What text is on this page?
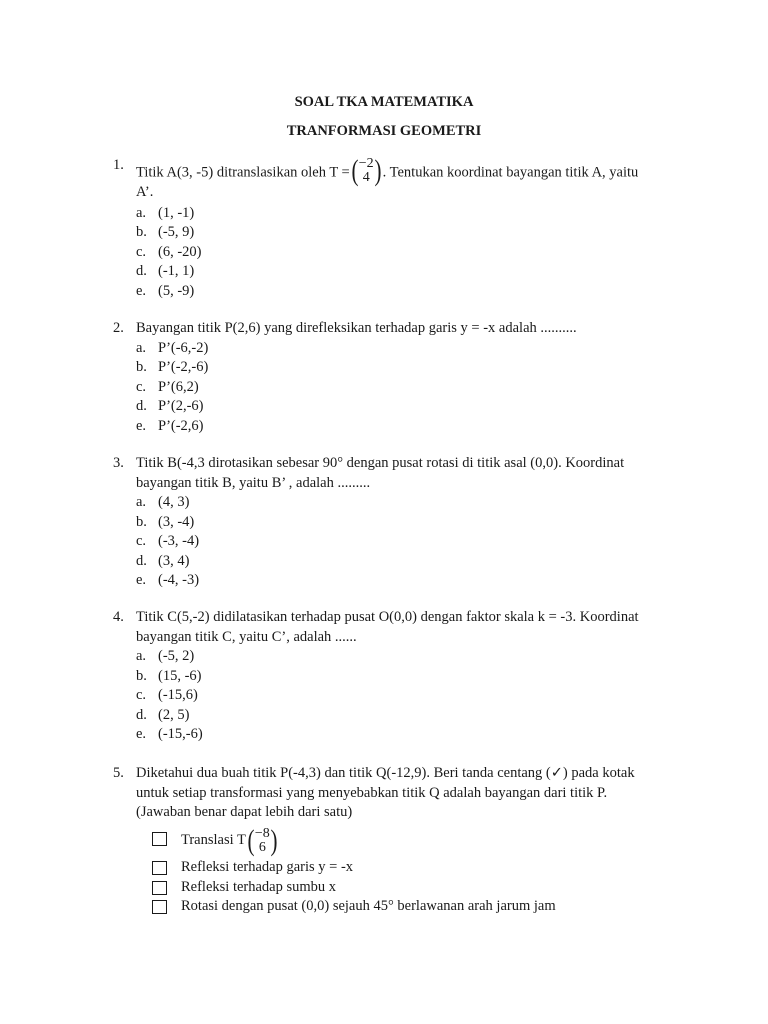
SOAL TKA MATEMATIKA
TRANFORMASI GEOMETRI
1. Titik A(3, -5) ditranslasikan oleh T = ( −2
4 ) . Tentukan koordinat bayangan titik A, yaitu
A’.
a. (1, -1)
b. (-5, 9)
c. (6, -20)
d. (-1, 1)
e. (5, -9)
2. Bayangan titik P(2,6) yang direfleksikan terhadap garis y = -x adalah ..........
a. P’(-6,-2)
b. P’(-2,-6)
c. P’(6,2)
d. P’(2,-6)
e. P’(-2,6)
3. Titik B(-4,3 dirotasikan sebesar 90° dengan pusat rotasi di titik asal (0,0). Koordinat
bayangan titik B, yaitu B’ , adalah .........
a. (4, 3)
b. (3, -4)
c. (-3, -4)
d. (3, 4)
e. (-4, -3)
4. Titik C(5,-2) didilatasikan terhadap pusat O(0,0) dengan faktor skala k = -3. Koordinat
bayangan titik C, yaitu C’, adalah ......
a. (-5, 2)
b. (15, -6)
c. (-15,6)
d. (2, 5)
e. (-15,-6)
5. Diketahui dua buah titik P(-4,3) dan titik Q(-12,9). Beri tanda centang (✓) pada kotak
untuk setiap transformasi yang menyebabkan titik Q adalah bayangan dari titik P.
(Jawaban benar dapat lebih dari satu)
Translasi T ( −8
6 )
Refleksi terhadap garis y = -x
Refleksi terhadap sumbu x
Rotasi dengan pusat (0,0) sejauh 45° berlawanan arah jarum jam
